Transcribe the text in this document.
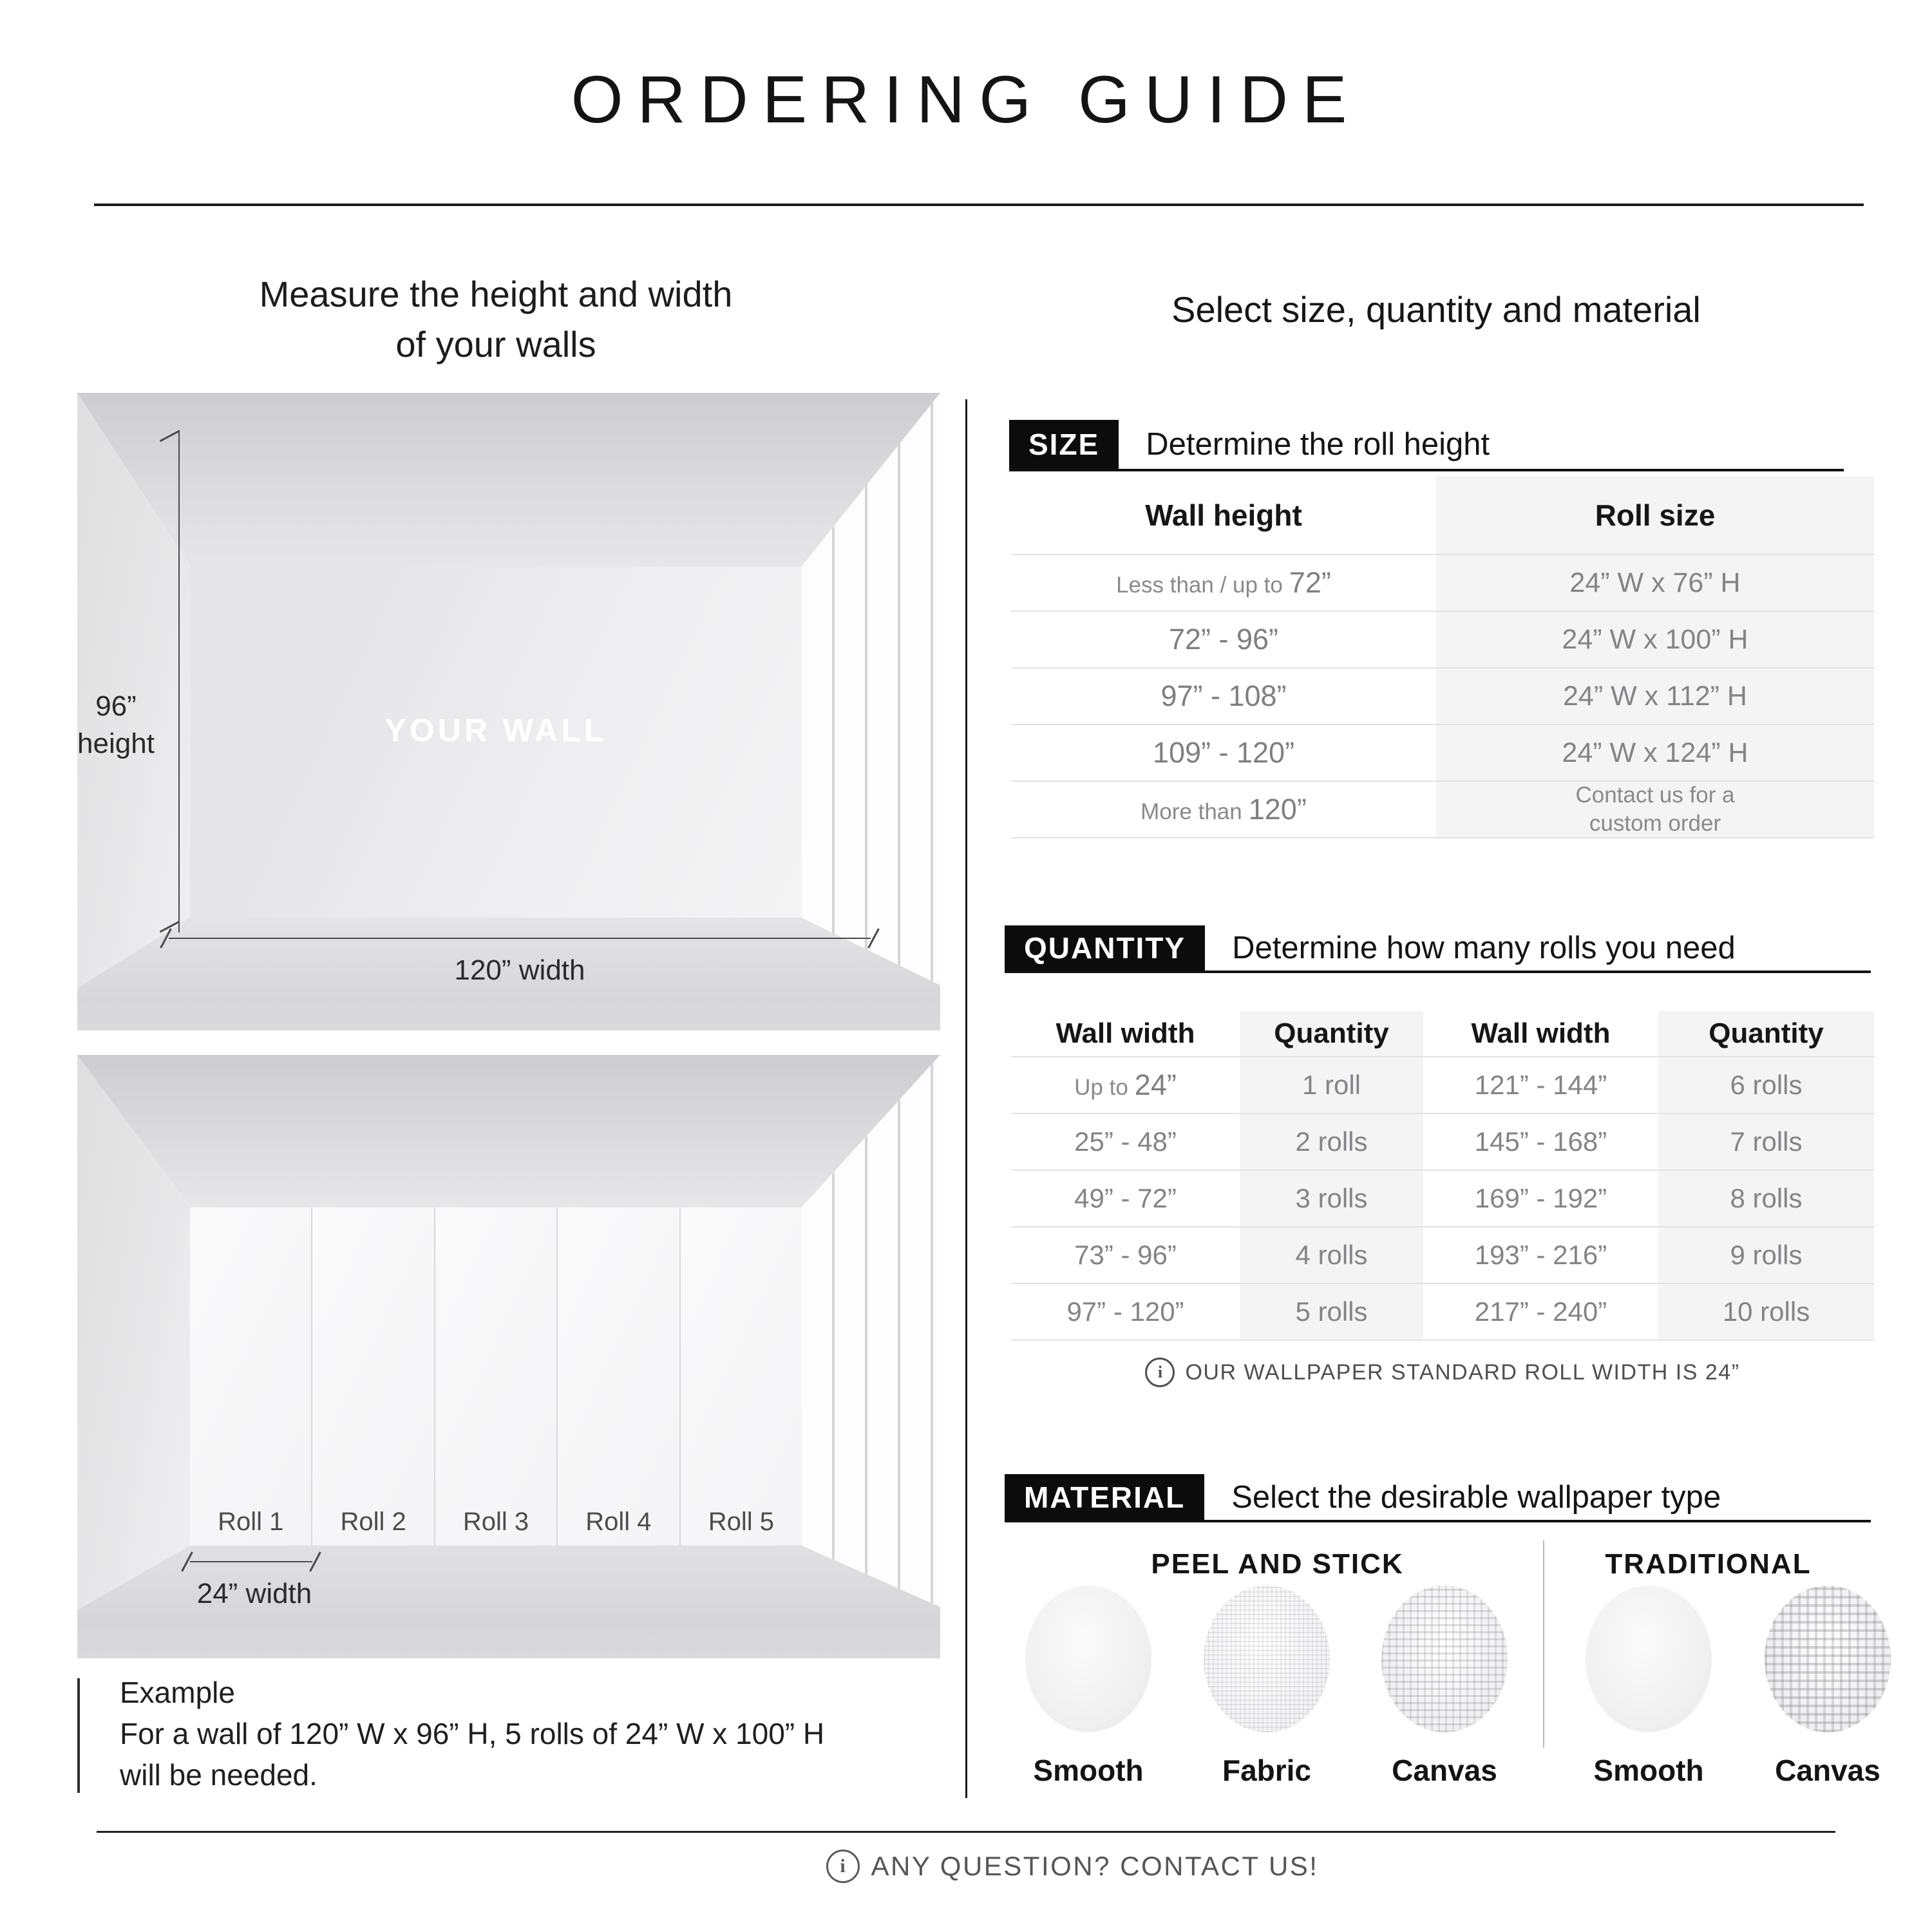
ORDERING GUIDE
Measure the height and width
of your walls
Select size, quantity and material
96”
height	YOUR WALL
120” width
Roll 1	Roll 2	Roll 3	Roll 4	Roll 5
24” width
Example
For a wall of 120” W x 96” H, 5 rolls of 24” W x 100” H
will be needed.
SIZE	Determine the roll height
Wall height	Roll size
Less than / up to 72”	24” W x 76” H
72” - 96”	24” W x 100” H
97” - 108”	24” W x 112” H
109” - 120”	24” W x 124” H
More than 120”	Contact us for a
custom order
QUANTITY	Determine how many rolls you need
Wall width	Quantity	Wall width	Quantity
Up to 24”	1 roll	121” - 144”	6 rolls
25” - 48”	2 rolls	145” - 168”	7 rolls
49” - 72”	3 rolls	169” - 192”	8 rolls
73” - 96”	4 rolls	193” - 216”	9 rolls
97” - 120”	5 rolls	217” - 240”	10 rolls
i	OUR WALLPAPER STANDARD ROLL WIDTH IS 24”
MATERIAL	Select the desirable wallpaper type
PEEL AND STICK	TRADITIONAL
Smooth	Fabric	Canvas	Smooth	Canvas
i ANY QUESTION? CONTACT US!
